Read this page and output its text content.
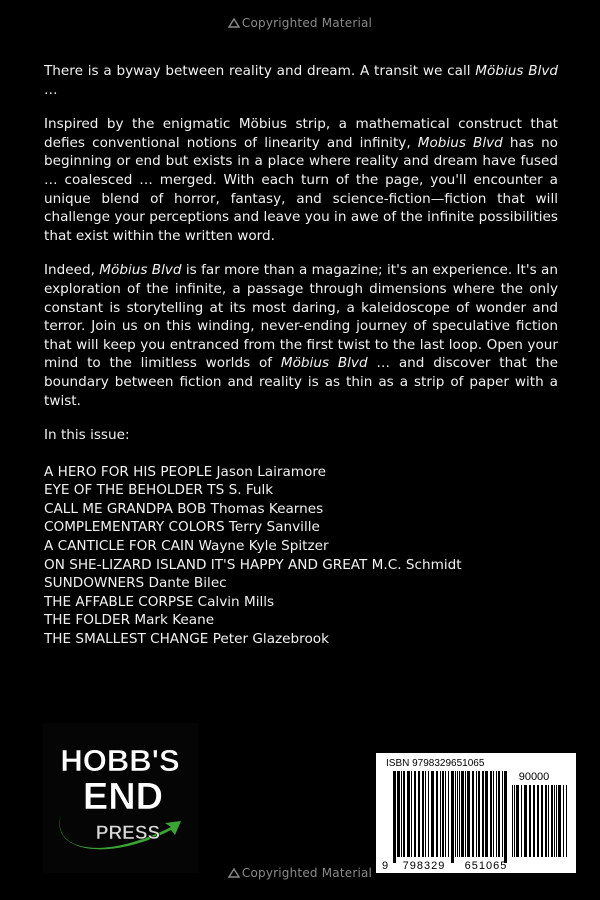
Copyrighted Material

There is a byway between reality and dream. A transit we call Möbius Blvd …

Inspired by the enigmatic Möbius strip, a mathematical construct that defies conventional notions of linearity and infinity, Mobius Blvd has no beginning or end but exists in a place where reality and dream have fused … coalesced … merged. With each turn of the page, you'll encounter a unique blend of horror, fantasy, and science-fiction—fiction that will challenge your perceptions and leave you in awe of the infinite possibilities that exist within the written word.

Indeed, Möbius Blvd is far more than a magazine; it's an experience. It's an exploration of the infinite, a passage through dimensions where the only constant is storytelling at its most daring, a kaleidoscope of wonder and terror. Join us on this winding, never-ending journey of speculative fiction that will keep you entranced from the first twist to the last loop. Open your mind to the limitless worlds of Möbius Blvd … and discover that the boundary between fiction and reality is as thin as a strip of paper with a twist.

In this issue:

A HERO FOR HIS PEOPLE Jason Lairamore
EYE OF THE BEHOLDER TS S. Fulk
CALL ME GRANDPA BOB Thomas Kearnes
COMPLEMENTARY COLORS Terry Sanville
A CANTICLE FOR CAIN Wayne Kyle Spitzer
ON SHE-LIZARD ISLAND IT'S HAPPY AND GREAT M.C. Schmidt
SUNDOWNERS Dante Bilec
THE AFFABLE CORPSE Calvin Mills
THE FOLDER Mark Keane
THE SMALLEST CHANGE Peter Glazebrook
HOBB'S
END
PRESS
ISBN 9798329651065
90000
9 798329 651065
Copyrighted Material
